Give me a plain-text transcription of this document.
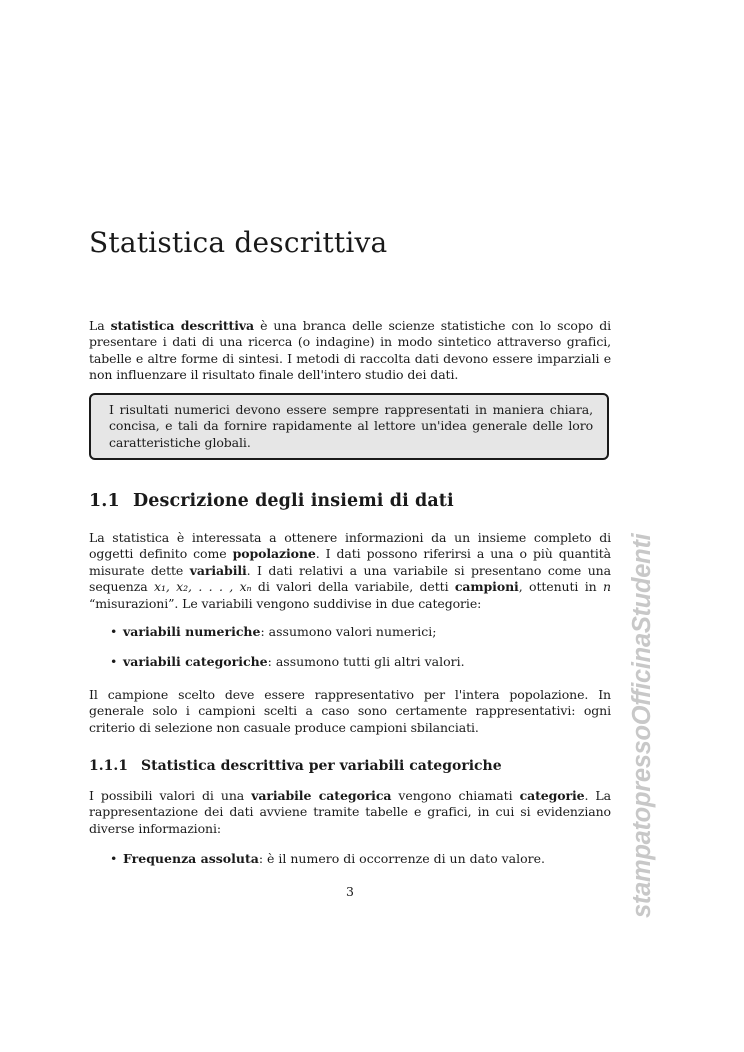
Statistica descrittiva

La statistica descrittiva è una branca delle scienze statistiche con lo scopo di presentare i dati di una ricerca (o indagine) in modo sintetico attraverso grafici, tabelle e altre forme di sintesi. I metodi di raccolta dati devono essere imparziali e non influenzare il risultato finale dell'intero studio dei dati.

I risultati numerici devono essere sempre rappresentati in maniera chiara, concisa, e tali da fornire rapidamente al lettore un'idea generale delle loro caratteristiche globali.

1.1 Descrizione degli insiemi di dati

La statistica è interessata a ottenere informazioni da un insieme completo di oggetti definito come popolazione. I dati possono riferirsi a una o più quantità misurate dette variabili. I dati relativi a una variabile si presentano come una sequenza x₁, x₂, . . . , xₙ di valori della variabile, detti campioni, ottenuti in n “misurazioni”. Le variabili vengono suddivise in due categorie:

• variabili numeriche: assumono valori numerici;
• variabili categoriche: assumono tutti gli altri valori.

Il campione scelto deve essere rappresentativo per l'intera popolazione. In generale solo i campioni scelti a caso sono certamente rappresentativi: ogni criterio di selezione non casuale produce campioni sbilanciati.

1.1.1 Statistica descrittiva per variabili categoriche

I possibili valori di una variabile categorica vengono chiamati categorie. La rappresentazione dei dati avviene tramite tabelle e grafici, in cui si evidenziano diverse informazioni:

• Frequenza assoluta: è il numero di occorrenze di un dato valore.
3	stampatopressoOfficinaStudenti
